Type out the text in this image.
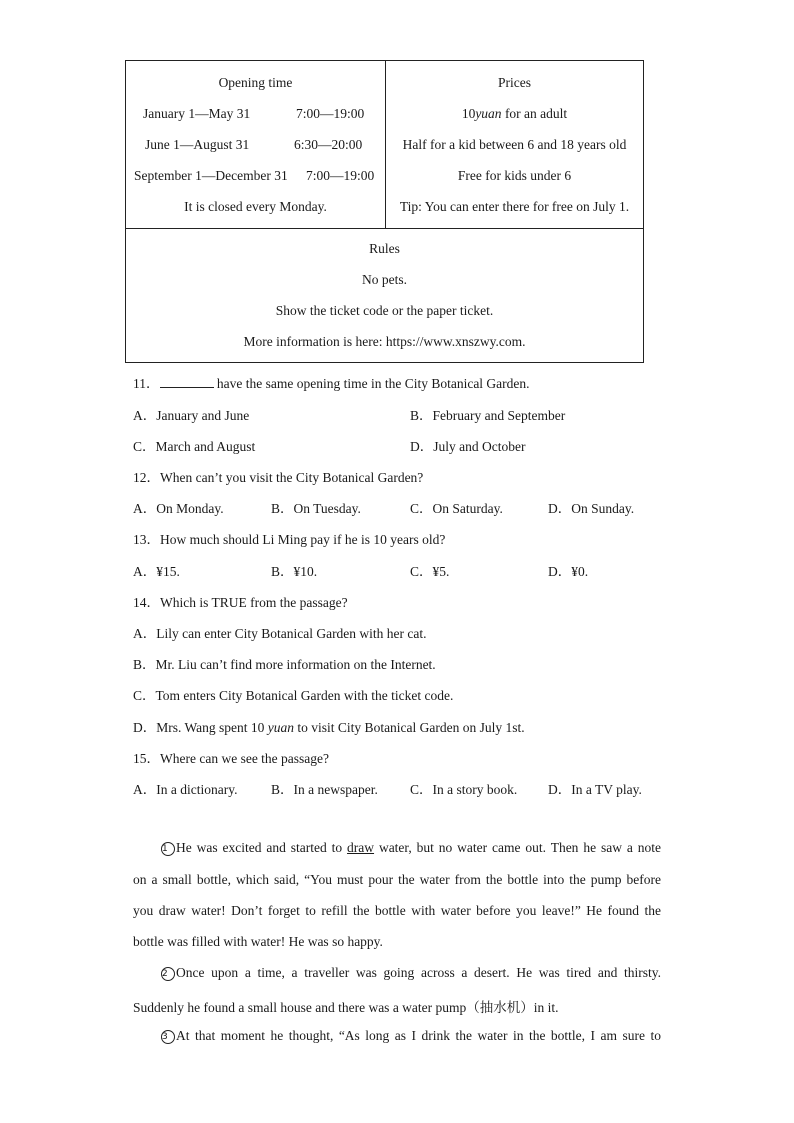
Opening time
January 1—May 31	7:00—19:00
June 1—August 31	6:30—20:00
September 1—December 31 7:00—19:00
It is closed every Monday.
Prices
10yuan for an adult
Half for a kid between 6 and 18 years old
Free for kids under 6
Tip: You can enter there for free on July 1.
Rules
No pets.
Show the ticket code or the paper ticket.
More information is here: https://www.xnszwy.com.
11．	have the same opening time in the City Botanical Garden.
A．January and June	B．February and September
C．March and August	D．July and October
12．When can’t you visit the City Botanical Garden?
A．On Monday.	B．On Tuesday.	C．On Saturday.	D．On Sunday.
13．How much should Li Ming pay if he is 10 years old?
A．¥15.	B．¥10.	C．¥5.	D．¥0.
14．Which is TRUE from the passage?
A．Lily can enter City Botanical Garden with her cat.
B．Mr. Liu can’t find more information on the Internet.
C．Tom enters City Botanical Garden with the ticket code.
D．Mrs. Wang spent 10 yuan to visit City Botanical Garden on July 1st.
15．Where can we see the passage?
A．In a dictionary. B．In a newspaper. C．In a story book. D．In a TV play.
1 He was excited and started to draw water, but no water came out. Then he saw a note
on a small bottle, which said, “You must pour the water from the bottle into the pump before
you draw water! Don’t forget to refill the bottle with water before you leave!” He found the
bottle was filled with water! He was so happy.
2 Once upon a time, a traveller was going across a desert. He was tired and thirsty.
Suddenly he found a small house and there was a water pump（抽水机）in it.
3 At that moment he thought, “As long as I drink the water in the bottle, I am sure to
